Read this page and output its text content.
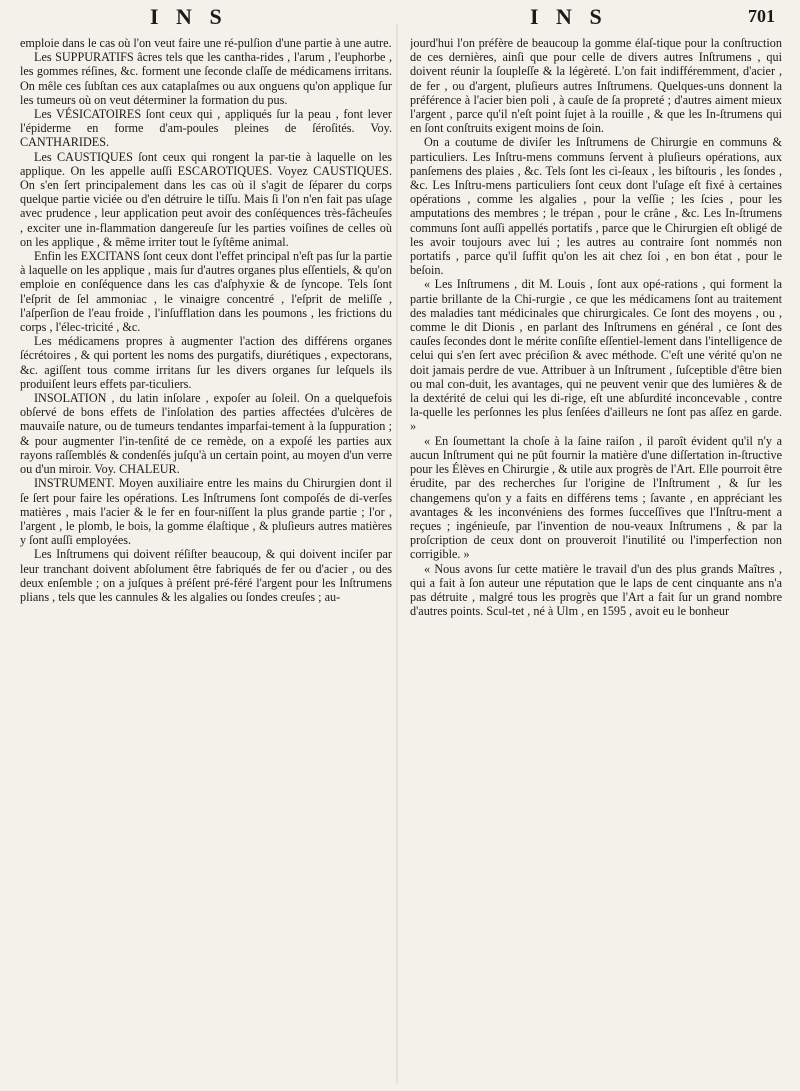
I N S	I N S	701

emploie dans le cas où l'on veut faire une ré-pulſion d'une partie à une autre.

Les SUPPURATIFS âcres tels que les cantha-rides , l'arum , l'euphorbe , les gommes réſines, &c. forment une ſeconde claſſe de médicamens irritans. On mêle ces ſubſtan ces aux cataplaſmes ou aux onguens qu'on applique ſur les tumeurs où on veut déterminer la formation du pus.

Les VÉSICATOIRES ſont ceux qui , appliqués ſur la peau , font lever l'épiderme en forme d'am-poules pleines de ſéroſités. Voy. CANTHARIDES.

Les CAUSTIQUES ſont ceux qui rongent la par-tie à laquelle on les applique. On les appelle auſſi ESCAROTIQUES. Voyez CAUSTIQUES. On s'en ſert principalement dans les cas où il s'agit de ſéparer du corps quelque partie viciée ou d'en détruire le tiſſu. Mais ſi l'on n'en fait pas uſage avec prudence , leur application peut avoir des conſéquences très-fâcheuſes , exciter une in-flammation dangereuſe ſur les parties voiſines de celles où on les applique , & même irriter tout le ſyſtême animal.

Enfin les EXCITANS ſont ceux dont l'effet principal n'eſt pas ſur la partie à laquelle on les applique , mais ſur d'autres organes plus eſſentiels, & qu'on emploie en conſéquence dans les cas d'aſphyxie & de ſyncope. Tels ſont l'eſprit de ſel ammoniac , le vinaigre concentré , l'eſprit de meliſſe , l'aſperſion de l'eau froide , l'inſufflation dans les poumons , les frictions du corps , l'élec-tricité , &c.

Les médicamens propres à augmenter l'action des différens organes ſécrétoires , & qui portent les noms des purgatifs, diurétiques , expectorans, &c. agiſſent tous comme irritans ſur les divers organes ſur leſquels ils produiſent leurs effets par-ticuliers.

INSOLATION , du latin inſolare , expoſer au ſoleil. On a quelquefois obſervé de bons effets de l'inſolation des parties affectées d'ulcères de mauvaiſe nature, ou de tumeurs tendantes imparfai-tement à la ſuppuration ; & pour augmenter l'in-tenſité de ce remède, on a expoſé les parties aux rayons raſſemblés & condenſés juſqu'à un certain point, au moyen d'un verre ou d'un miroir. Voy. CHALEUR.

INSTRUMENT. Moyen auxiliaire entre les mains du Chirurgien dont il ſe ſert pour faire les opérations. Les Inſtrumens ſont compoſés de di-verſes matières , mais l'acier & le fer en four-niſſent la plus grande partie ; l'or , l'argent , le plomb, le bois, la gomme élaſtique , & pluſieurs autres matières y ſont auſſi employées.

Les Inſtrumens qui doivent réſiſter beaucoup, & qui doivent inciſer par leur tranchant doivent abſolument être fabriqués de fer ou d'acier , ou des deux enſemble ; on a juſques à préſent pré-féré l'argent pour les Inſtrumens plians , tels que les cannules & les algalies ou ſondes creuſes ; au-

jourd'hui l'on préfère de beaucoup la gomme élaſ-tique pour la conſtruction de ces dernières, ainſi que pour celle de divers autres Inſtrumens , qui doivent réunir la ſoupleſſe & la légèreté. L'on fait indifféremment, d'acier , de fer , ou d'argent, pluſieurs autres Inſtrumens. Quelques-uns donnent la préférence à l'acier bien poli , à cauſe de ſa propreté ; d'autres aiment mieux l'argent , parce qu'il n'eſt point ſujet à la rouille , & que les In-ſtrumens qui en ſont conſtruits exigent moins de ſoin.

On a coutume de diviſer les Inſtrumens de Chirurgie en communs & particuliers. Les Inſtru-mens communs ſervent à pluſieurs opérations, aux panſemens des plaies , &c. Tels ſont les ci-ſeaux , les biſtouris , les ſondes , &c. Les Inſtru-mens particuliers ſont ceux dont l'uſage eſt fixé à certaines opérations , comme les algalies , pour la veſſie ; les ſcies , pour les amputations des membres ; le trépan , pour le crâne , &c. Les In-ſtrumens communs ſont auſſi appellés portatifs , parce que le Chirurgien eſt obligé de les avoir toujours avec lui ; les autres au contraire ſont nommés non portatifs , parce qu'il ſuffit qu'on les ait chez ſoi , en bon état , pour le beſoin.

« Les Inſtrumens , dit M. Louis , ſont aux opé-rations , qui forment la partie brillante de la Chi-rurgie , ce que les médicamens ſont au traitement des maladies tant médicinales que chirurgicales. Ce ſont des moyens , ou , comme le dit Dionis , en parlant des Inſtrumens en général , ce ſont des cauſes ſecondes dont le mérite conſiſte eſſentiel-lement dans l'intelligence de celui qui s'en ſert avec préciſion & avec méthode. C'eſt une vérité qu'on ne doit jamais perdre de vue. Attribuer à un Inſtrument , ſuſceptible d'être bien ou mal con-duit, les avantages, qui ne peuvent venir que des lumières & de la dextérité de celui qui les di-rige, eſt une abſurdité inconcevable , contre la-quelle les perſonnes les plus ſenſées d'ailleurs ne ſont pas aſſez en garde. »

« En ſoumettant la choſe à la ſaine raiſon , il paroît évident qu'il n'y a aucun Inſtrument qui ne pût fournir la matière d'une diſſertation in-ſtructive pour les Élèves en Chirurgie , & utile aux progrès de l'Art. Elle pourroit être érudite, par des recherches ſur l'origine de l'Inſtrument , & ſur les changemens qu'on y a faits en différens tems ; ſavante , en appréciant les avantages & les inconvéniens des formes ſucceſſives que l'Inſtru-ment a reçues ; ingénieuſe, par l'invention de nou-veaux Inſtrumens , & par la proſcription de ceux dont on prouveroit l'inutilité ou l'imperfection non corrigible. »

« Nous avons ſur cette matière le travail d'un des plus grands Maîtres , qui a fait à ſon auteur une réputation que le laps de cent cinquante ans n'a pas détruite , malgré tous les progrès que l'Art a fait ſur un grand nombre d'autres points. Scul-tet , né à Ulm , en 1595 , avoit eu le bonheur
